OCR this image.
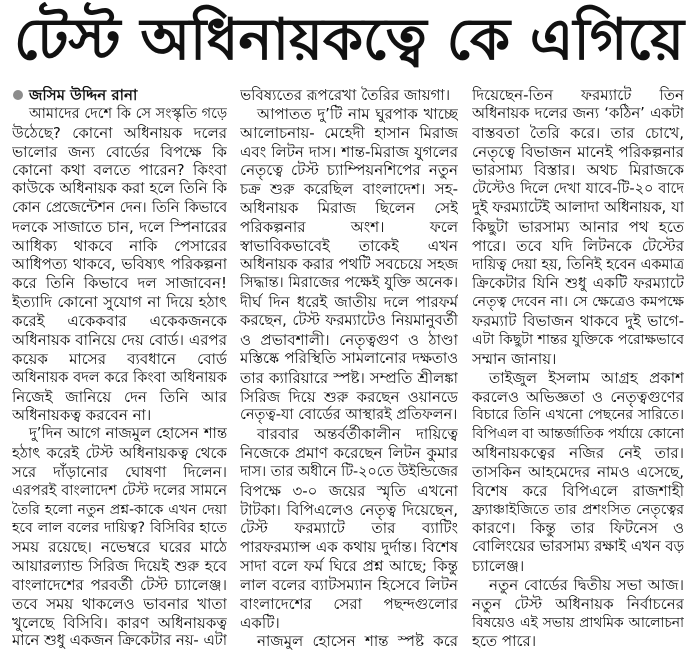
টেস্ট অধিনায়কত্বে কে এগিয়ে
জসিম উদ্দিন রানা
আমাদের দেশে কি সে সংস্কৃতি গড়ে
উঠেছে? কোনো অধিনায়ক দলের
ভালোর জন্য বোর্ডের বিপক্ষে কি
কোনো কথা বলতে পারেন? কিংবা
কাউকে অধিনায়ক করা হলে তিনি কি
কোন প্রেজেন্টেশন দেন। তিনি কিভাবে
দলকে সাজাতে চান, দলে স্পিনারের
আধিক্য থাকবে নাকি পেসারের
আধিপত্য থাকবে, ভবিষ্যৎ পরিকল্পনা
করে তিনি কিভাবে দল সাজাবেন!
ইত্যাদি কোনো সুযোগ না দিয়ে হঠাৎ
করেই একেকবার একেকজনকে
অধিনায়ক বানিয়ে দেয় বোর্ড। এরপর
কয়েক মাসের ব্যবধানে বোর্ড
অধিনায়ক বদল করে কিংবা অধিনায়ক
নিজেই জানিয়ে দেন তিনি আর
অধিনায়কত্ব করবেন না।
দু’দিন আগে নাজমুল হোসেন শান্ত
হঠাৎ করেই টেস্ট অধিনায়কত্ব থেকে
সরে দাঁড়ানোর ঘোষণা দিলেন।
এরপরই বাংলাদেশ টেস্ট দলের সামনে
তৈরি হলো নতুন প্রশ্ন-কাকে এখন দেয়া
হবে লাল বলের দায়িত্ব? বিসিবির হাতে
সময় রয়েছে। নভেম্বরে ঘরের মাঠে
আয়ারল্যান্ড সিরিজ দিয়েই শুরু হবে
বাংলাদেশের পরবর্তী টেস্ট চ্যালেঞ্জ।
তবে সময় থাকলেও ভাবনার খাতা
খুলেছে বিসিবি। কারণ অধিনায়কত্ব
মানে শুধু একজন ক্রিকেটার নয়- এটা
ভবিষ্যতের রূপরেখা তৈরির জায়গা।
আপাতত দু’টি নাম ঘুরপাক খাচ্ছে
আলোচনায়- মেহেদী হাসান মিরাজ
এবং লিটন দাস। শান্ত-মিরাজ যুগলের
নেতৃত্বে টেস্ট চ্যাম্পিয়নশিপের নতুন
চক্র শুরু করেছিল বাংলাদেশ। সহ-
অধিনায়ক মিরাজ ছিলেন সেই
পরিকল্পনার অংশ। ফলে
স্বাভাবিকভাবেই তাকেই এখন
অধিনায়ক করার পথটি সবচেয়ে সহজ
সিদ্ধান্ত। মিরাজের পক্ষেই যুক্তি অনেক।
দীর্ঘ দিন ধরেই জাতীয় দলে পারফর্ম
করছেন, টেস্ট ফরম্যাটেও নিয়মানুবর্তী
ও প্রভাবশালী। নেতৃত্বগুণ ও ঠাণ্ডা
মস্তিষ্কে পরিস্থিতি সামলানোর দক্ষতাও
তার ক্যারিয়ারে স্পষ্ট। সম্প্রতি শ্রীলঙ্কা
সিরিজ দিয়ে শুরু করছেন ওয়ানডে
নেতৃত্ব-যা বোর্ডের আস্থারই প্রতিফলন।
বারবার অন্তর্বর্তীকালীন দায়িত্বে
নিজেকে প্রমাণ করেছেন লিটন কুমার
দাস। তার অধীনে টি-২০তে উইন্ডিজের
বিপক্ষে ৩-০ জয়ের স্মৃতি এখনো
টাটকা। বিপিএলেও নেতৃত্ব দিয়েছেন,
টেস্ট ফরম্যাটে তার ব্যাটিং
পারফরম্যান্স এক কথায় দুর্দান্ত। বিশেষ
সাদা বলে ফর্ম ঘিরে প্রশ্ন আছে; কিন্তু
লাল বলের ব্যাটসম্যান হিসেবে লিটন
বাংলাদেশের সেরা পছন্দগুলোর
একটি।
নাজমুল হোসেন শান্ত স্পষ্ট করে
দিয়েছেন-তিন ফরম্যাটে তিন
অধিনায়ক দলের জন্য ‘কঠিন’ একটা
বাস্তবতা তৈরি করে। তার চোখে,
নেতৃত্বে বিভাজন মানেই পরিকল্পনার
ভারসাম্য বিস্তার। অথচ মিরাজকে
টেস্টেও দিলে দেখা যাবে-টি-২০ বাদে
দুই ফরম্যাটেই আলাদা অধিনায়ক, যা
কিছুটা ভারসাম্য আনার পথ হতে
পারে। তবে যদি লিটনকে টেস্টের
দায়িত্ব দেয়া হয়, তিনিই হবেন একমাত্র
ক্রিকেটার যিনি শুধু একটি ফরম্যাটে
নেতৃত্ব দেবেন না। সে ক্ষেত্রেও কমপক্ষে
ফরম্যাট বিভাজন থাকবে দুই ভাগে-
এটা কিছুটা শান্তর যুক্তিকে পরোক্ষভাবে
সম্মান জানায়।
তাইজুল ইসলাম আগ্রহ প্রকাশ
করলেও অভিজ্ঞতা ও নেতৃত্বগুণের
বিচারে তিনি এখনো পেছনের সারিতে।
বিপিএল বা আন্তর্জাতিক পর্যায়ে কোনো
অধিনায়কত্বের নজির নেই তার।
তাসকিন আহমেদের নামও এসেছে,
বিশেষ করে বিপিএলে রাজশাহী
ফ্র্যাঞ্চাইজিতে তার প্রশংসিত নেতৃত্বের
কারণে। কিন্তু তার ফিটনেস ও
বোলিংয়ের ভারসাম্য রক্ষাই এখন বড়
চ্যালেঞ্জ।
নতুন বোর্ডের দ্বিতীয় সভা আজ।
নতুন টেস্ট অধিনায়ক নির্বাচনের
বিষয়েও এই সভায় প্রাথমিক আলোচনা
হতে পারে।
